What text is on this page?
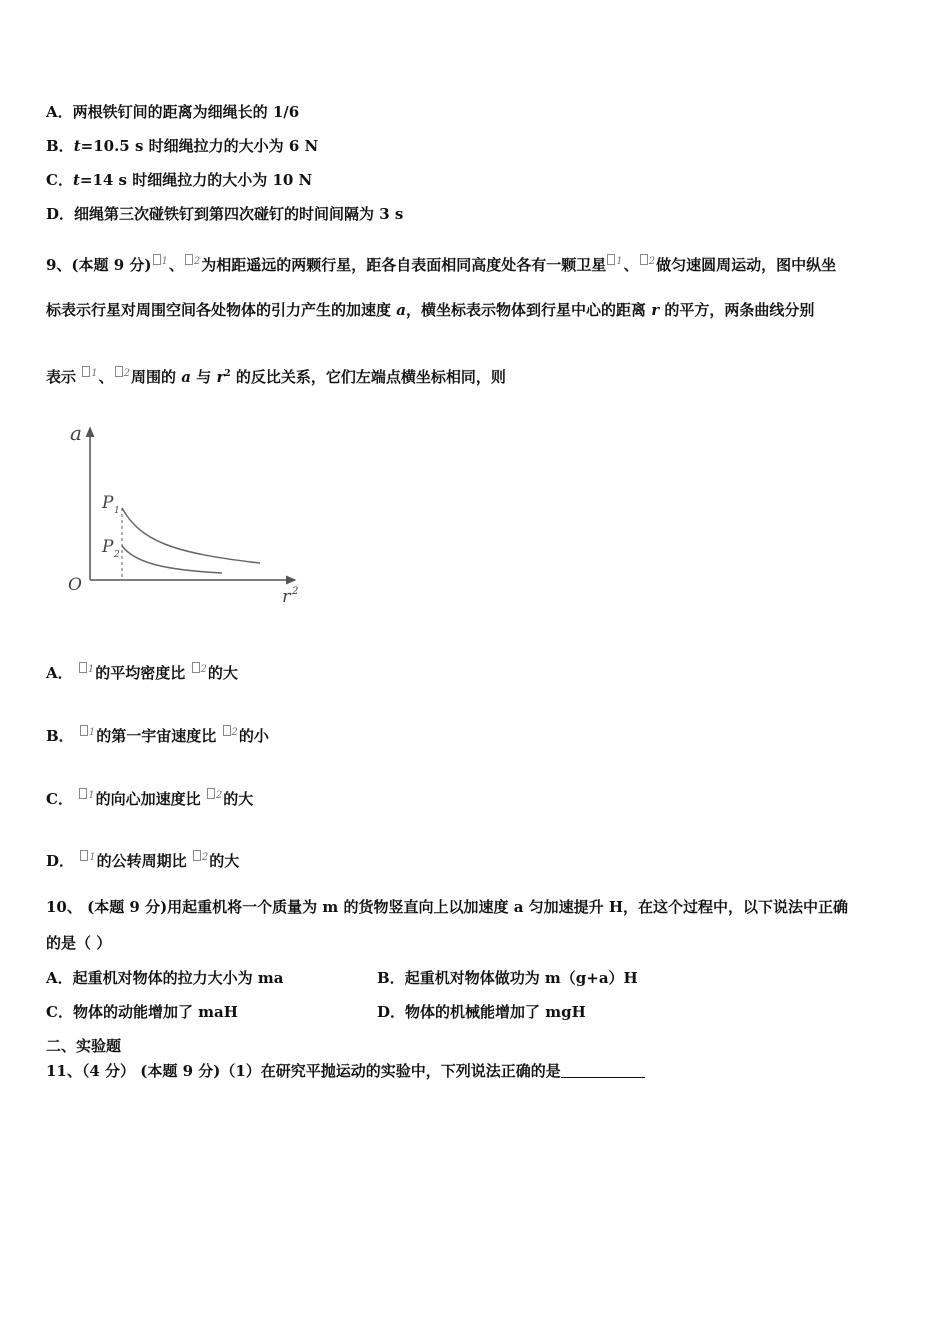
A．两根铁钉间的距离为细绳长的 1/6
B．t=10.5 s 时细绳拉力的大小为 6 N
C．t=14 s 时细绳拉力的大小为 10 N
D．细绳第三次碰铁钉到第四次碰钉的时间间隔为 3 s
9、(本题 9 分) 1、 2为相距遥远的两颗行星，距各自表面相同高度处各有一颗卫星 1、 2做匀速圆周运动，图中纵坐
标表示行星对周围空间各处物体的引力产生的加速度 a，横坐标表示物体到行星中心的距离 r 的平方，两条曲线分别
表示 1、 2周围的 a 与 $r^2$ 的反比关系，它们左端点横坐标相同，则
a
O
r 2
P 1
P 2
A． 1的平均密度比 2的大
B． 1的第一宇宙速度比 2的小
C． 1的向心加速度比 2的大
D． 1的公转周期比 2的大
10、 (本题 9 分)用起重机将一个质量为 m 的货物竖直向上以加速度 a 匀加速提升 H，在这个过程中，以下说法中正确
的是（ ）
A．起重机对物体的拉力大小为 ma	B．起重机对物体做功为 m（g+a）H
C．物体的动能增加了 maH	D．物体的机械能增加了 mgH
二、实验题
11、（4 分） (本题 9 分)（1）在研究平抛运动的实验中，下列说法正确的是
